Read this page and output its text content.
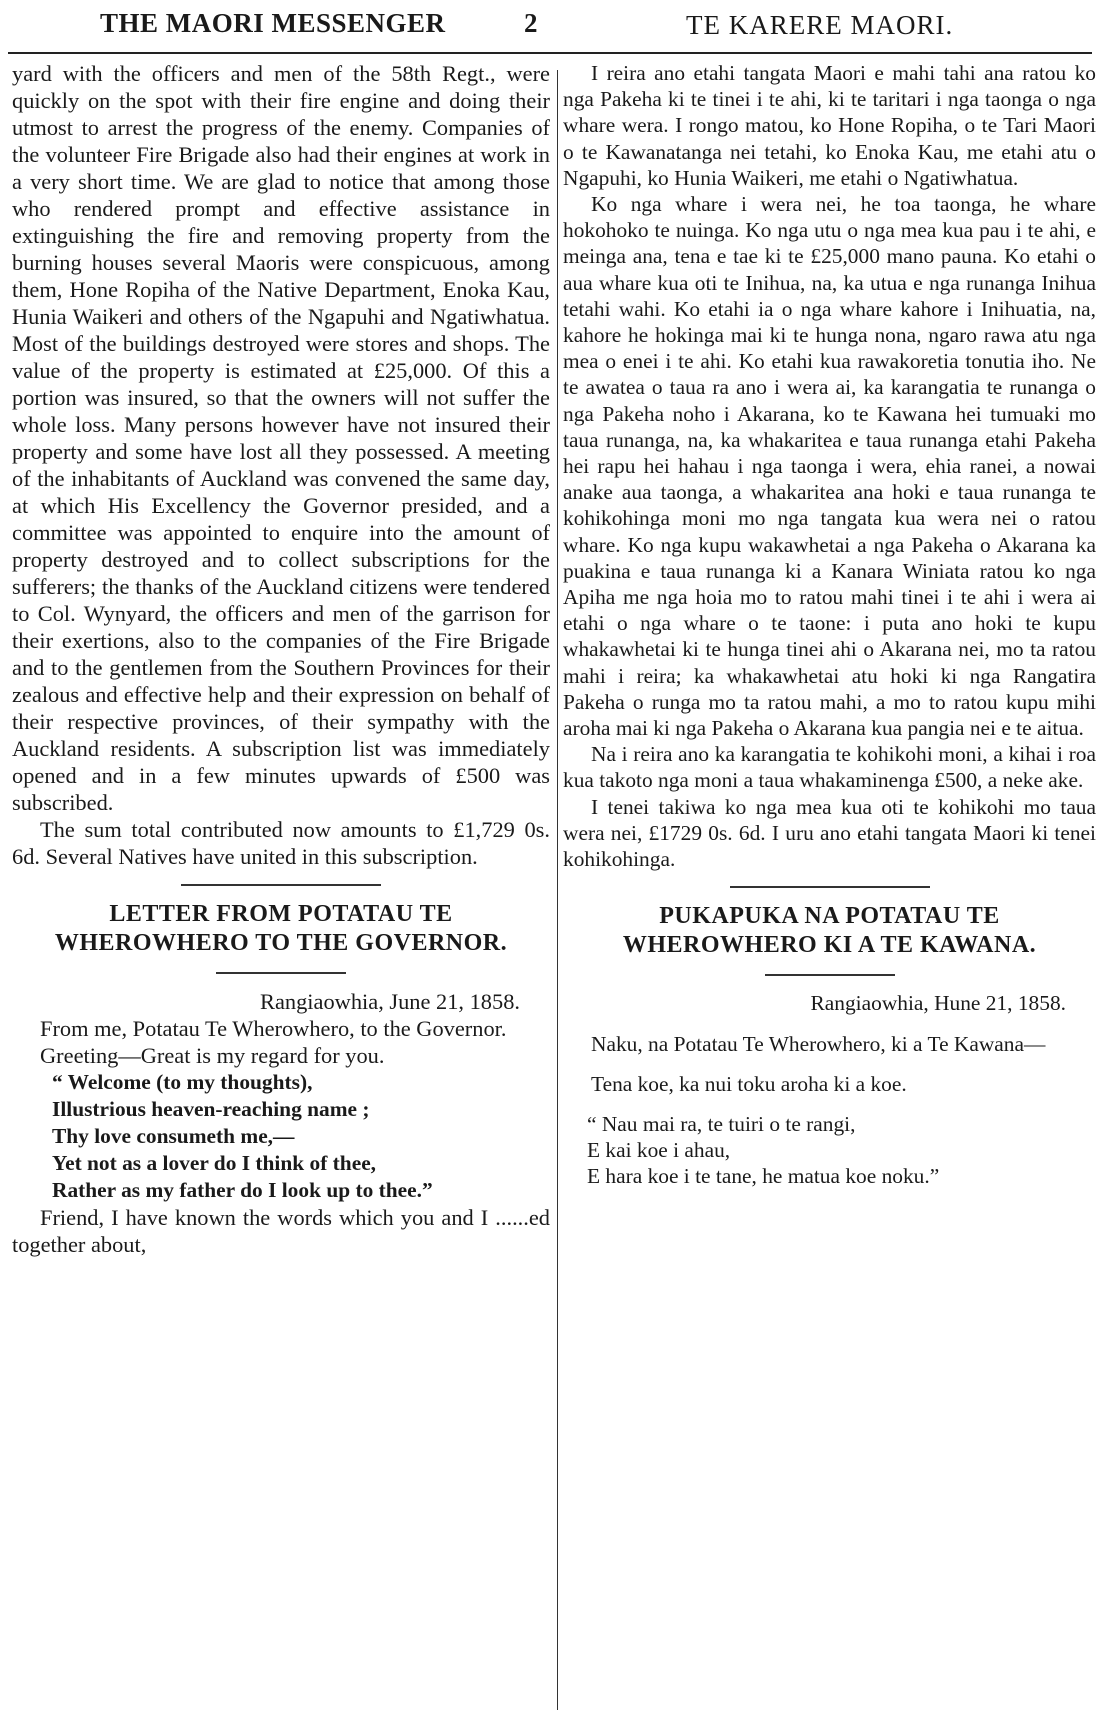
THE MAORI MESSENGER	2	TE KARERE MAORI.

yard with the officers and men of the 58th Regt., were quickly on the spot with their fire engine and doing their utmost to arrest the progress of the enemy. Companies of the volunteer Fire Brigade also had their engines at work in a very short time. We are glad to notice that among those who rendered prompt and effective assistance in extinguishing the fire and removing property from the burning houses several Maoris were conspicuous, among them, Hone Ropiha of the Native Department, Enoka Kau, Hunia Waikeri and others of the Ngapuhi and Ngatiwhatua. Most of the buildings destroyed were stores and shops. The value of the property is estimated at £25,000. Of this a portion was insured, so that the owners will not suffer the whole loss. Many persons however have not insured their property and some have lost all they possessed. A meeting of the inhabitants of Auckland was convened the same day, at which His Excellency the Governor presided, and a committee was appointed to enquire into the amount of property destroyed and to collect subscriptions for the sufferers; the thanks of the Auckland citizens were tendered to Col. Wynyard, the officers and men of the garrison for their exertions, also to the companies of the Fire Brigade and to the gentlemen from the Southern Provinces for their zealous and effective help and their expression on behalf of their respective provinces, of their sympathy with the Auckland residents. A subscription list was immediately opened and in a few minutes upwards of £500 was subscribed.

The sum total contributed now amounts to £1,729 0s. 6d. Several Natives have united in this subscription.

LETTER FROM POTATAU TE WHEROWHERO TO THE GOVERNOR.

Rangiaowhia, June 21, 1858.

From me, Potatau Te Wherowhero, to the Governor.

Greeting—Great is my regard for you.

“ Welcome (to my thoughts),
Illustrious heaven-reaching name ;
Thy love consumeth me,—
Yet not as a lover do I think of thee,
Rather as my father do I look up to thee.”

Friend, I have known the words which you and I ......ed together about,

I reira ano etahi tangata Maori e mahi tahi ana ratou ko nga Pakeha ki te tinei i te ahi, ki te taritari i nga taonga o nga whare wera. I rongo matou, ko Hone Ropiha, o te Tari Maori o te Kawanatanga nei tetahi, ko Enoka Kau, me etahi atu o Ngapuhi, ko Hunia Waikeri, me etahi o Ngatiwhatua.

Ko nga whare i wera nei, he toa taonga, he whare hokohoko te nuinga. Ko nga utu o nga mea kua pau i te ahi, e meinga ana, tena e tae ki te £25,000 mano pauna. Ko etahi o aua whare kua oti te Inihua, na, ka utua e nga runanga Inihua tetahi wahi. Ko etahi ia o nga whare kahore i Inihuatia, na, kahore he hokinga mai ki te hunga nona, ngaro rawa atu nga mea o enei i te ahi. Ko etahi kua rawakoretia tonutia iho. Ne te awatea o taua ra ano i wera ai, ka karangatia te runanga o nga Pakeha noho i Akarana, ko te Kawana hei tumuaki mo taua runanga, na, ka whakaritea e taua runanga etahi Pakeha hei rapu hei hahau i nga taonga i wera, ehia ranei, a nowai anake aua taonga, a whakaritea ana hoki e taua runanga te kohikohinga moni mo nga tangata kua wera nei o ratou whare. Ko nga kupu wakawhetai a nga Pakeha o Akarana ka puakina e taua runanga ki a Kanara Winiata ratou ko nga Apiha me nga hoia mo to ratou mahi tinei i te ahi i wera ai etahi o nga whare o te taone: i puta ano hoki te kupu whakawhetai ki te hunga tinei ahi o Akarana nei, mo ta ratou mahi i reira; ka whakawhetai atu hoki ki nga Rangatira Pakeha o runga mo ta ratou mahi, a mo to ratou kupu mihi aroha mai ki nga Pakeha o Akarana kua pangia nei e te aitua.

Na i reira ano ka karangatia te kohikohi moni, a kihai i roa kua takoto nga moni a taua whakaminenga £500, a neke ake.

I tenei takiwa ko nga mea kua oti te kohikohi mo taua wera nei, £1729 0s. 6d. I uru ano etahi tangata Maori ki tenei kohikohinga.

PUKAPUKA NA POTATAU TE WHEROWHERO KI A TE KAWANA.

Rangiaowhia, Hune 21, 1858.

Naku, na Potatau Te Wherowhero, ki a Te Kawana—

Tena koe, ka nui toku aroha ki a koe.

“ Nau mai ra, te tuiri o te rangi,
E kai koe i ahau,
E hara koe i te tane, he matua koe noku.”
